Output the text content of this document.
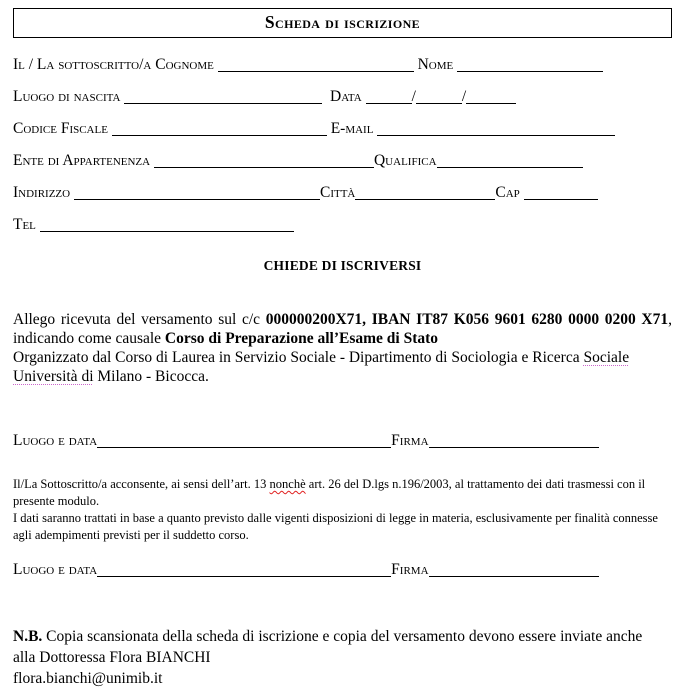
Scheda di iscrizione
Il / La sottoscritto/a Cognome	Nome
Luogo di nascita	Data	/	/
Codice Fiscale	E-mail
Ente di Appartenenza	Qualifica
Indirizzo	Città	Cap
Tel
CHIEDE DI ISCRIVERSI
Allego ricevuta del versamento sul c/c 000000200X71, IBAN IT87 K056 9601 6280 0000 0200 X71, indicando come causale Corso di Preparazione all’Esame di Stato
Organizzato dal Corso di Laurea in Servizio Sociale - Dipartimento di Sociologia e Ricerca Sociale
Università di Milano - Bicocca.
Luogo e data	Firma
Il/La Sottoscritto/a acconsente, ai sensi dell’art. 13 nonchè art. 26 del D.lgs n.196/2003, al trattamento dei dati trasmessi con il presente modulo.
I dati saranno trattati in base a quanto previsto dalle vigenti disposizioni di legge in materia, esclusivamente per finalità connesse agli adempimenti previsti per il suddetto corso.
Luogo e data	Firma
N.B. Copia scansionata della scheda di iscrizione e copia del versamento devono essere inviate anche alla Dottoressa Flora BIANCHI
flora.bianchi@unimib.it
